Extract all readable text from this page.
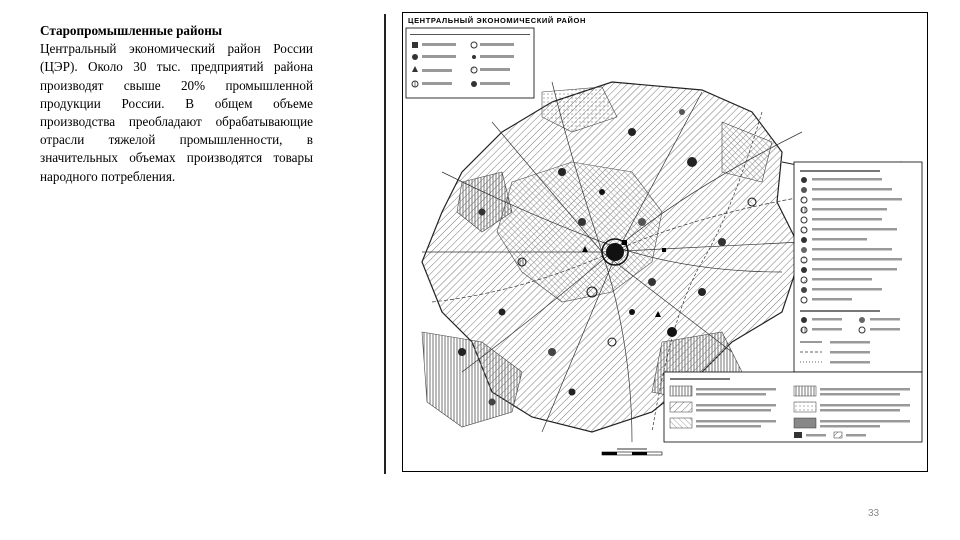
Старопромышленные районы
Центральный экономический район России (ЦЭР). Около 30 тыс. предприятий района производят свыше 20% промышленной продукции России. В общем объеме производства преобладают обрабатывающие отрасли тяжелой промышленности, в значительных объемах производятся товары народного потребления.
ЦЕНТРАЛЬНЫЙ ЭКОНОМИЧЕСКИЙ РАЙОН
33
